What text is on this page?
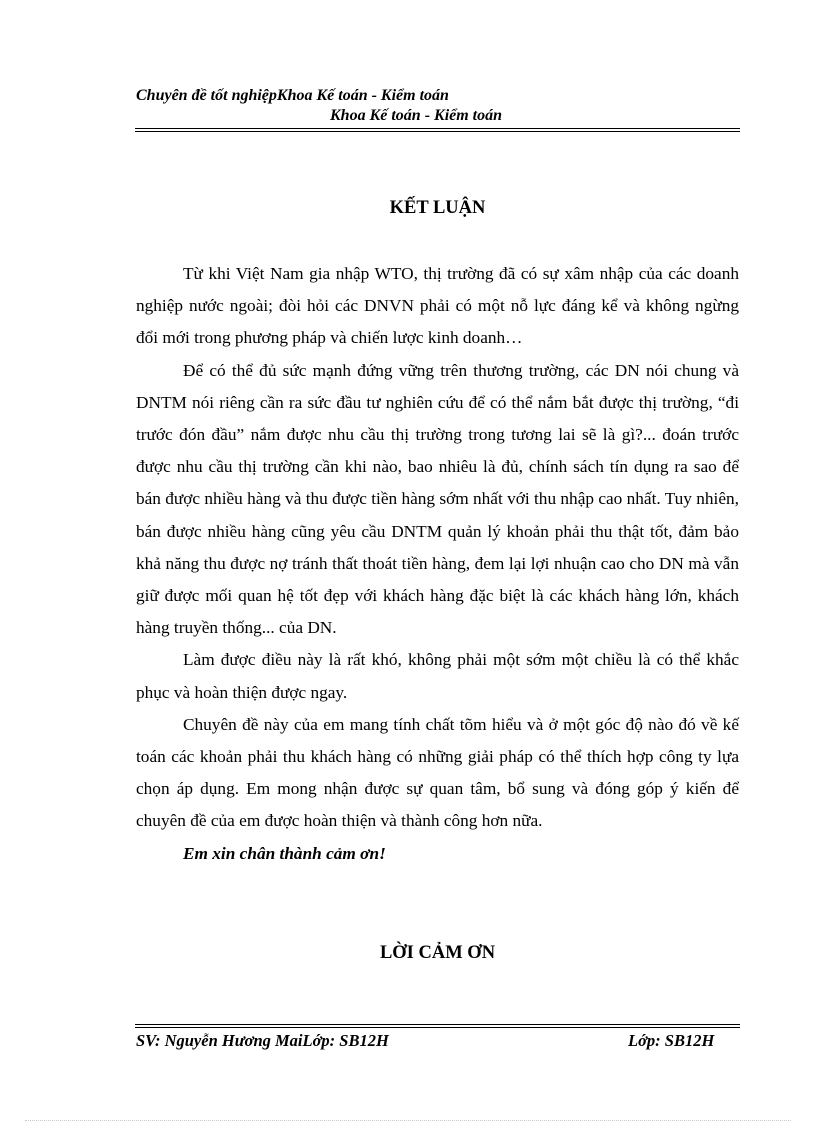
Chuyên đề tốt nghiệpKhoa Kế toán - Kiểm toán
Khoa Kế toán - Kiểm toán
KẾT LUẬN

Từ khi Việt Nam gia nhập WTO, thị trường đã có sự xâm nhập của các doanh nghiệp nước ngoài; đòi hỏi các DNVN phải có một nỗ lực đáng kể và không ngừng đổi mới trong phương pháp và chiến lược kinh doanh…

Để có thể đủ sức mạnh đứng vững trên thương trường, các DN nói chung và DNTM nói riêng cần ra sức đầu tư nghiên cứu để có thể nắm bắt được thị trường, “đi trước đón đầu” nắm được nhu cầu thị trường trong tương lai sẽ là gì?... đoán trước được nhu cầu thị trường cần khi nào, bao nhiêu là đủ, chính sách tín dụng ra sao để bán được nhiều hàng và thu được tiền hàng sớm nhất với thu nhập cao nhất. Tuy nhiên, bán được nhiều hàng cũng yêu cầu DNTM quản lý khoản phải thu thật tốt, đảm bảo khả năng thu được nợ tránh thất thoát tiền hàng, đem lại lợi nhuận cao cho DN mà vẫn giữ được mối quan hệ tốt đẹp với khách hàng đặc biệt là các khách hàng lớn, khách hàng truyền thống... của DN.

Làm được điều này là rất khó, không phải một sớm một chiều là có thể khắc phục và hoàn thiện được ngay.

Chuyên đề này của em mang tính chất tõm hiểu và ở một góc độ nào đó về kế toán các khoản phải thu khách hàng có những giải pháp có thể thích hợp công ty lựa chọn áp dụng. Em mong nhận được sự quan tâm, bổ sung và đóng góp ý kiến để chuyên đề của em được hoàn thiện và thành công hơn nữa.

Em xin chân thành cảm ơn!

LỜI CẢM ƠN
SV: Nguyễn Hương MaiLớp: SB12H	Lớp: SB12H
